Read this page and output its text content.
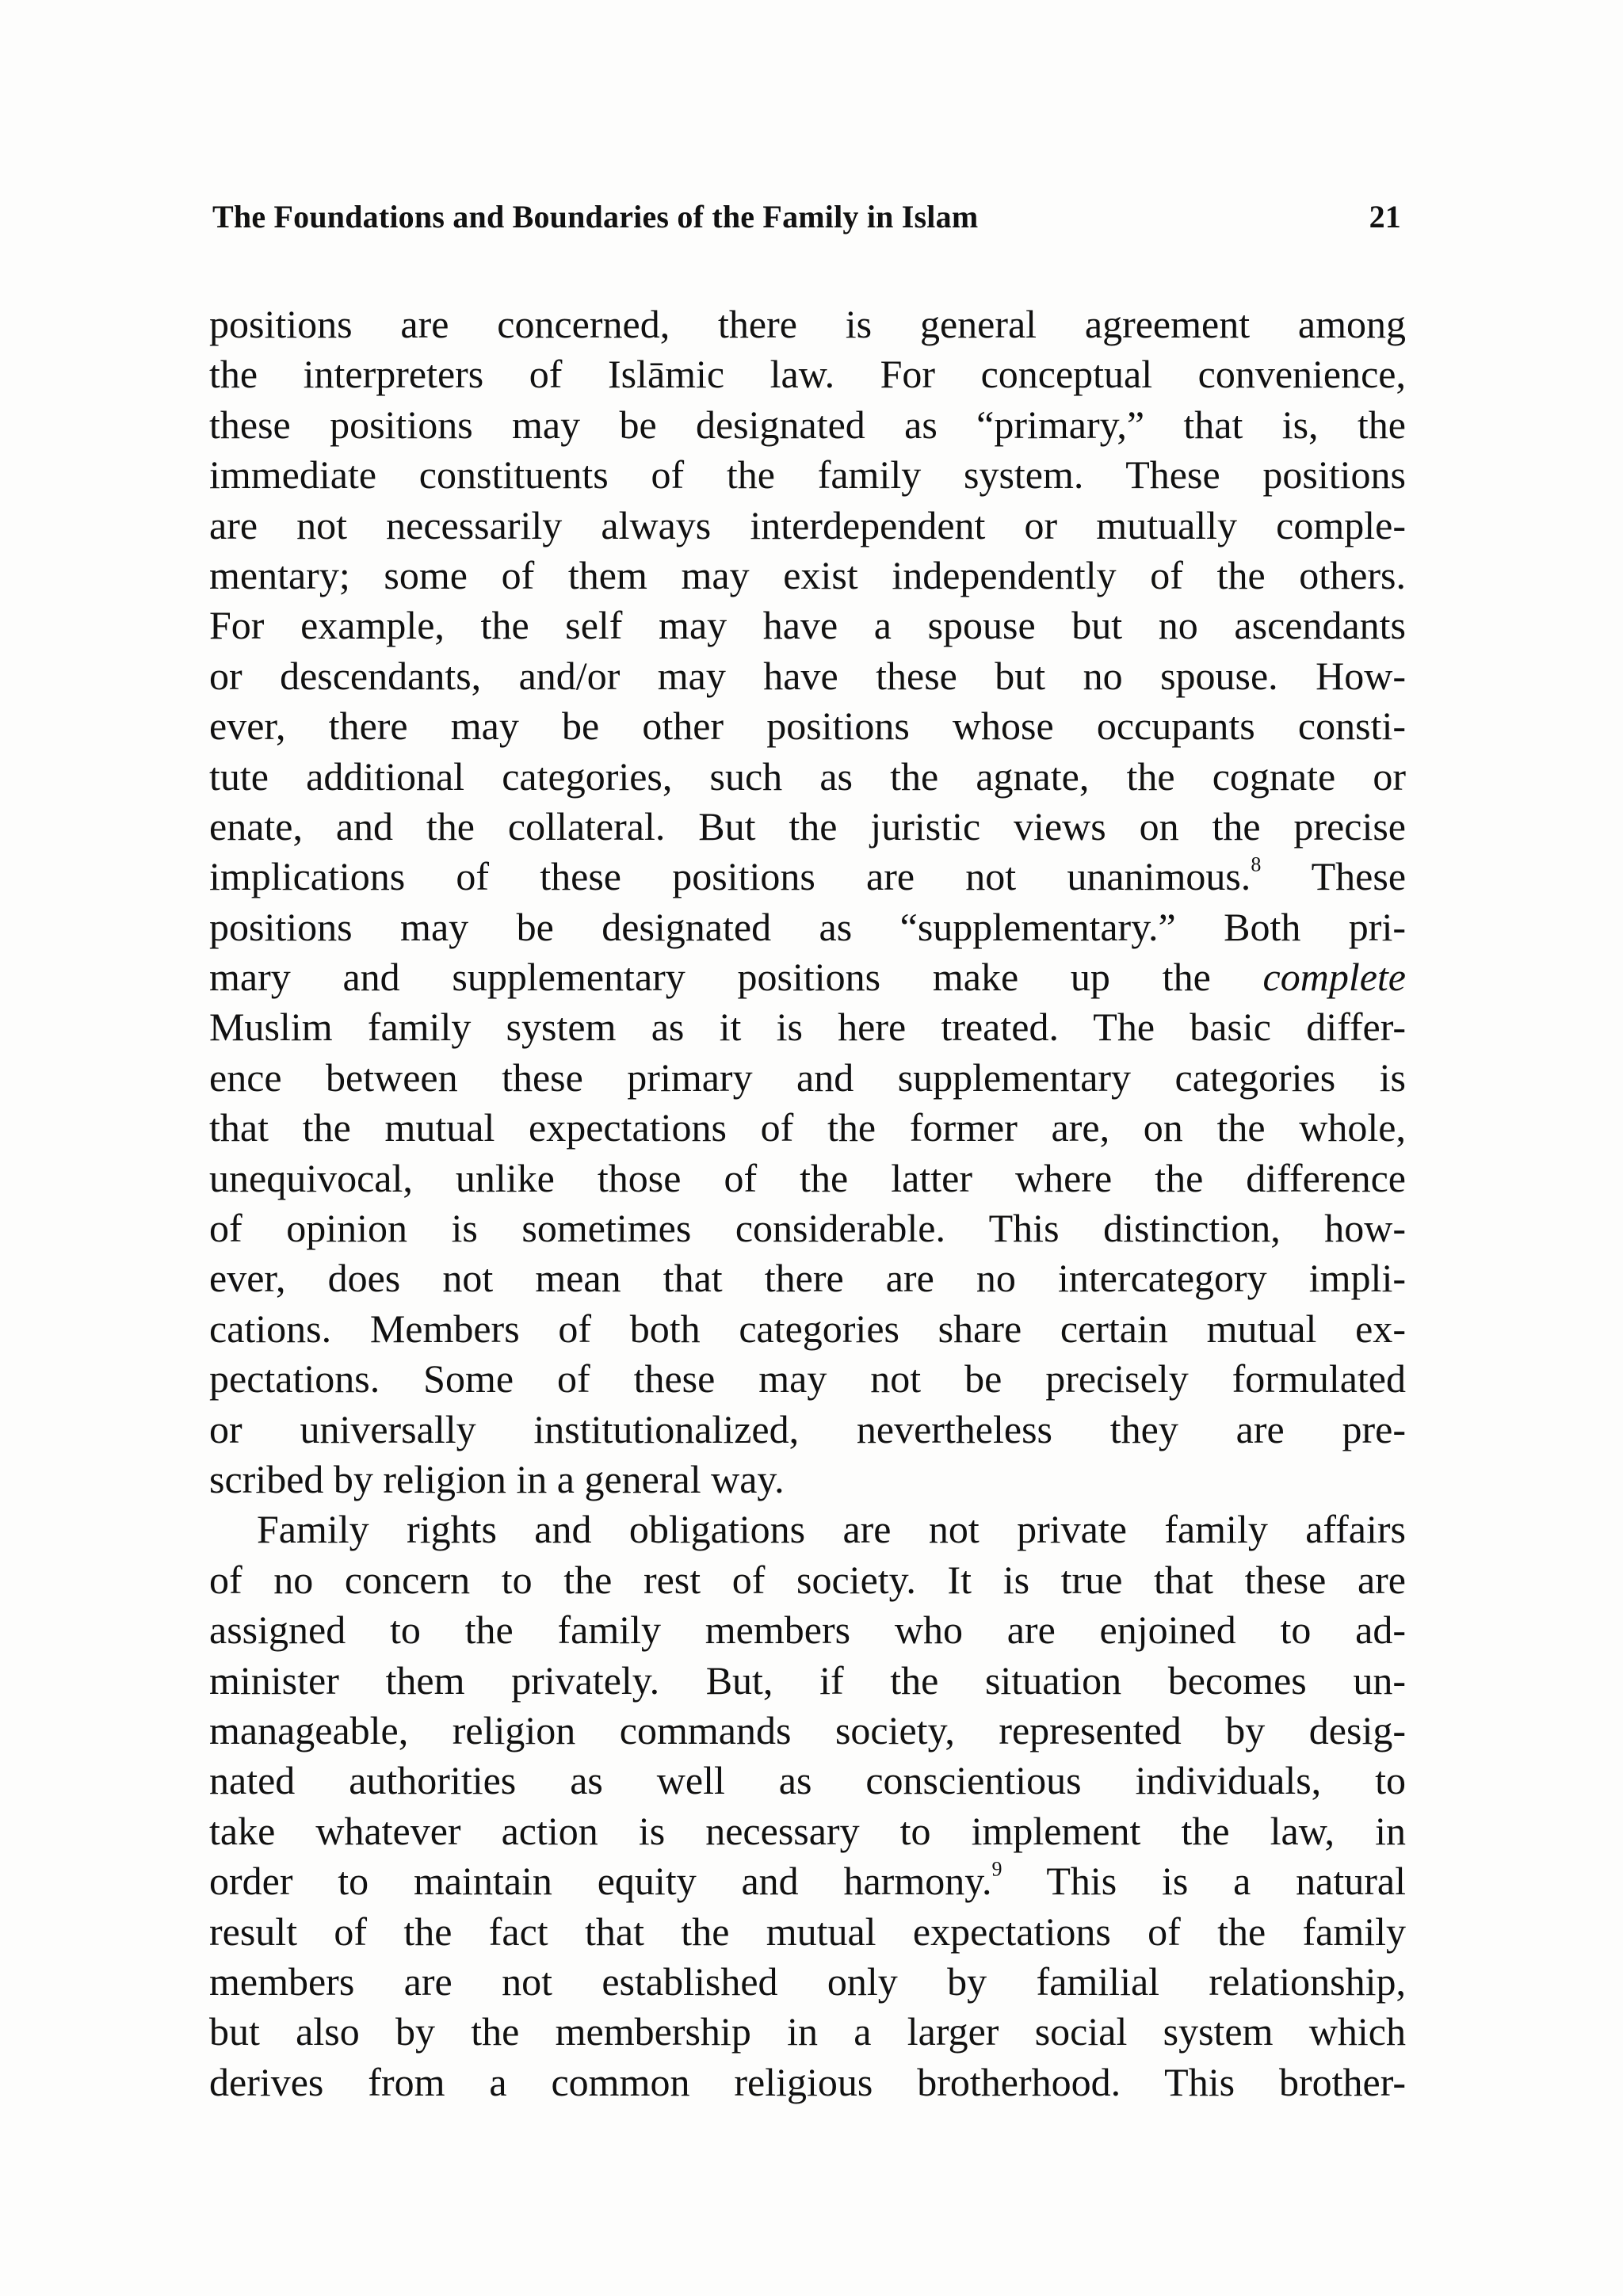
The Foundations and Boundaries of the Family in Islam	21
positions are concerned, there is general agreement among
the interpreters of Islāmic law. For conceptual convenience,
these positions may be designated as “primary,” that is, the
immediate constituents of the family system. These positions
are not necessarily always interdependent or mutually comple-
mentary; some of them may exist independently of the others.
For example, the self may have a spouse but no ascendants
or descendants, and/or may have these but no spouse. How-
ever, there may be other positions whose occupants consti-
tute additional categories, such as the agnate, the cognate or
enate, and the collateral. But the juristic views on the precise
implications of these positions are not unanimous.$^8$ These
positions may be designated as “supplementary.” Both pri-
mary and supplementary positions make up the complete
Muslim family system as it is here treated. The basic differ-
ence between these primary and supplementary categories is
that the mutual expectations of the former are, on the whole,
unequivocal, unlike those of the latter where the difference
of opinion is sometimes considerable. This distinction, how-
ever, does not mean that there are no intercategory impli-
cations. Members of both categories share certain mutual ex-
pectations. Some of these may not be precisely formulated
or universally institutionalized, nevertheless they are pre-
scribed by religion in a general way.
Family rights and obligations are not private family affairs
of no concern to the rest of society. It is true that these are
assigned to the family members who are enjoined to ad-
minister them privately. But, if the situation becomes un-
manageable, religion commands society, represented by desig-
nated authorities as well as conscientious individuals, to
take whatever action is necessary to implement the law, in
order to maintain equity and harmony.$^9$ This is a natural
result of the fact that the mutual expectations of the family
members are not established only by familial relationship,
but also by the membership in a larger social system which
derives from a common religious brotherhood. This brother-
